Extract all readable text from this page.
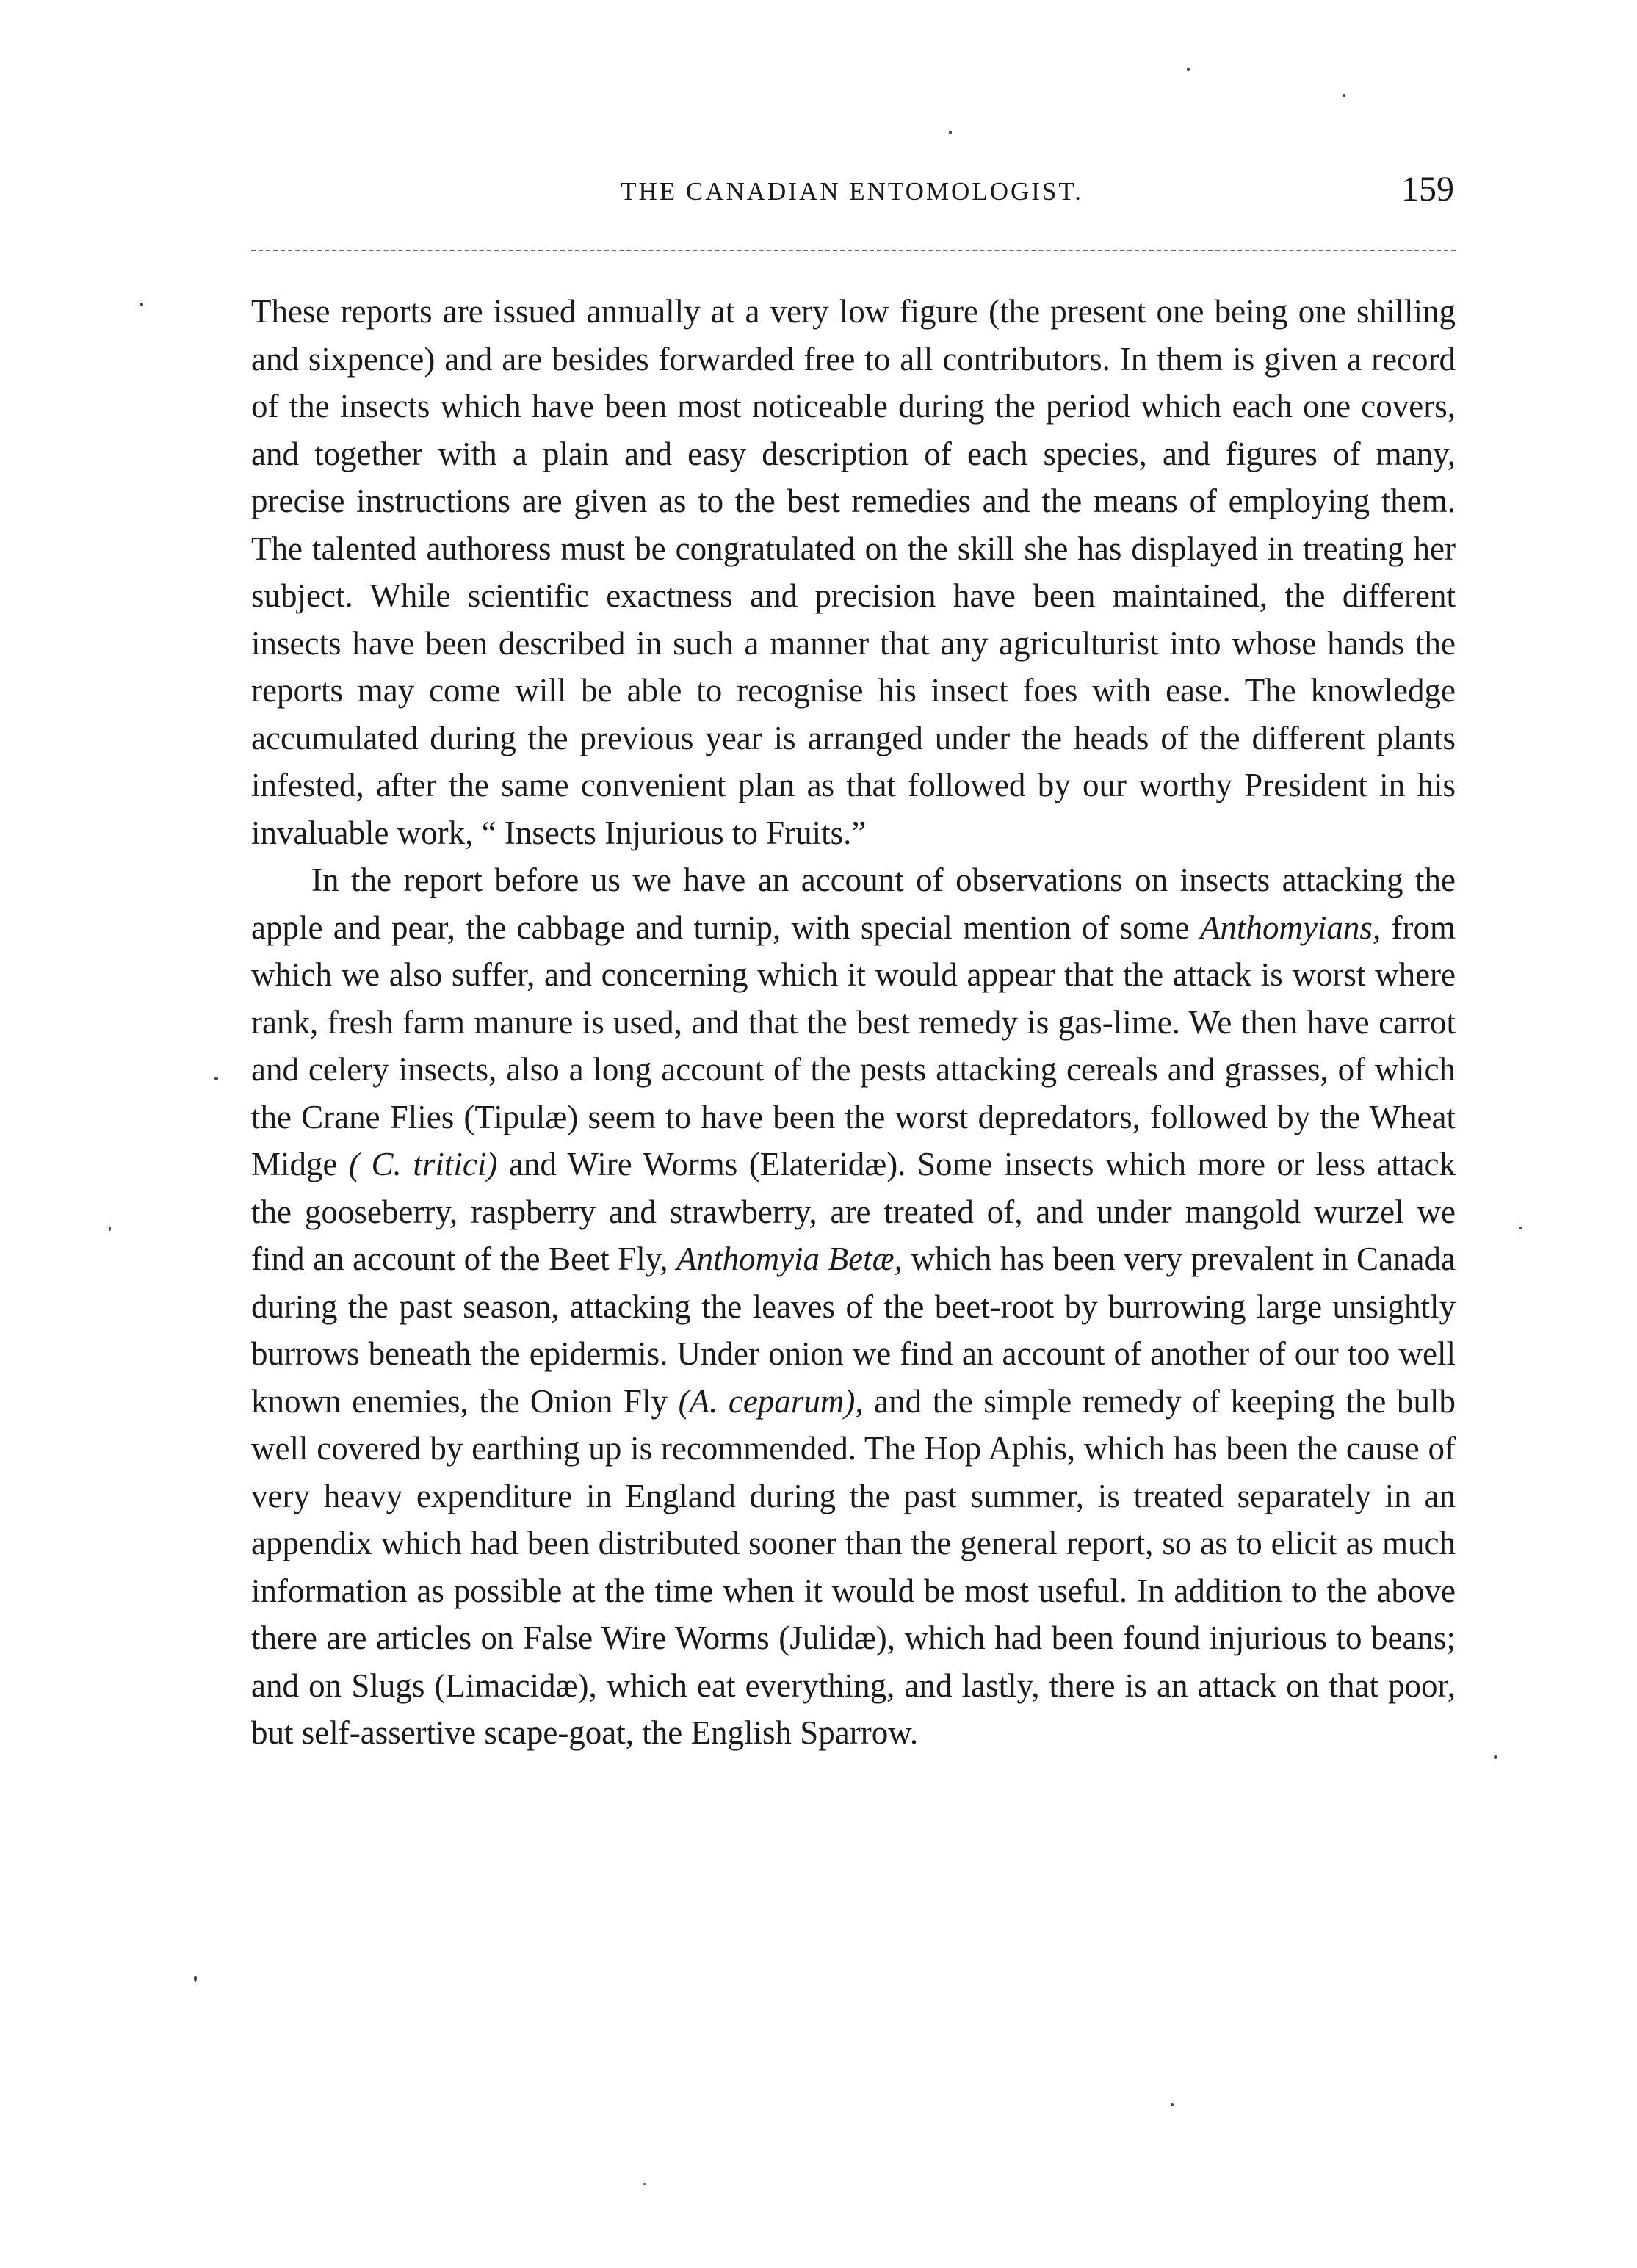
THE CANADIAN ENTOMOLOGIST.	159

These reports are issued annually at a very low figure (the present one being one shilling and sixpence) and are besides forwarded free to all contributors. In them is given a record of the insects which have been most noticeable during the period which each one covers, and together with a plain and easy description of each species, and figures of many, precise instructions are given as to the best remedies and the means of employing them. The talented authoress must be congratulated on the skill she has displayed in treating her subject. While scientific exactness and precision have been maintained, the different insects have been described in such a manner that any agriculturist into whose hands the reports may come will be able to recognise his insect foes with ease. The knowledge accumulated during the previous year is arranged under the heads of the different plants infested, after the same convenient plan as that followed by our worthy President in his invaluable work, “ Insects Injurious to Fruits.”

In the report before us we have an account of observations on insects attacking the apple and pear, the cabbage and turnip, with special mention of some Anthomyians, from which we also suffer, and concerning which it would appear that the attack is worst where rank, fresh farm manure is used, and that the best remedy is gas-lime. We then have carrot and celery insects, also a long account of the pests attacking cereals and grasses, of which the Crane Flies (Tipulæ) seem to have been the worst depredators, followed by the Wheat Midge ( C. tritici) and Wire Worms (Elateridæ). Some insects which more or less attack the gooseberry, raspberry and strawberry, are treated of, and under mangold wurzel we find an account of the Beet Fly, Anthomyia Betæ, which has been very prevalent in Canada during the past season, attacking the leaves of the beet-root by burrowing large unsightly burrows beneath the epidermis. Under onion we find an account of another of our too well known enemies, the Onion Fly (A. ceparum), and the simple remedy of keeping the bulb well covered by earthing up is recommended. The Hop Aphis, which has been the cause of very heavy expenditure in England during the past summer, is treated separately in an appendix which had been distributed sooner than the general report, so as to elicit as much information as possible at the time when it would be most useful. In addition to the above there are articles on False Wire Worms (Julidæ), which had been found injurious to beans; and on Slugs (Limacidæ), which eat everything, and lastly, there is an attack on that poor, but self-assertive scape-goat, the English Sparrow.
